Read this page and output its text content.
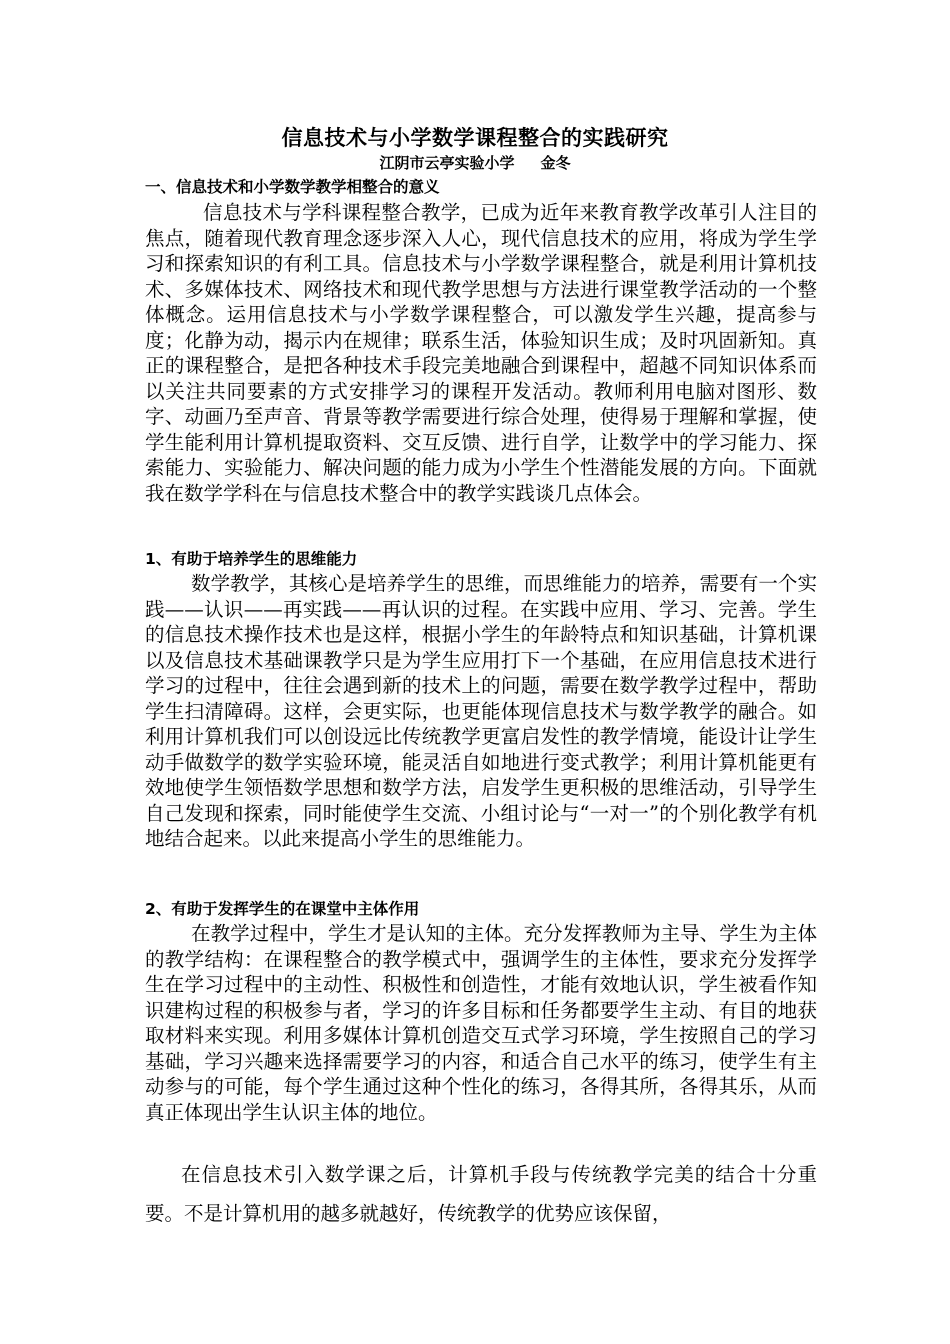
信息技术与小学数学课程整合的实践研究
江阴市云亭实验小学 金冬
一、信息技术和小学数学教学相整合的意义
信息技术与学科课程整合教学，已成为近年来教育教学改革引人注目的焦点，随着现代教育理念逐步深入人心，现代信息技术的应用，将成为学生学习和探索知识的有利工具。信息技术与小学数学课程整合，就是利用计算机技术、多媒体技术、网络技术和现代教学思想与方法进行课堂教学活动的一个整体概念。运用信息技术与小学数学课程整合，可以激发学生兴趣，提高参与度；化静为动，揭示内在规律；联系生活，体验知识生成；及时巩固新知。真正的课程整合，是把各种技术手段完美地融合到课程中，超越不同知识体系而以关注共同要素的方式安排学习的课程开发活动。教师利用电脑对图形、数字、动画乃至声音、背景等教学需要进行综合处理，使得易于理解和掌握，使学生能利用计算机提取资料、交互反馈、进行自学，让数学中的学习能力、探索能力、实验能力、解决问题的能力成为小学生个性潜能发展的方向。下面就我在数学学科在与信息技术整合中的教学实践谈几点体会。
1、有助于培养学生的思维能力
数学教学，其核心是培养学生的思维，而思维能力的培养，需要有一个实践——认识——再实践——再认识的过程。在实践中应用、学习、完善。学生的信息技术操作技术也是这样，根据小学生的年龄特点和知识基础，计算机课以及信息技术基础课教学只是为学生应用打下一个基础，在应用信息技术进行学习的过程中，往往会遇到新的技术上的问题，需要在数学教学过程中，帮助学生扫清障碍。这样，会更实际，也更能体现信息技术与数学教学的融合。如利用计算机我们可以创设远比传统教学更富启发性的教学情境，能设计让学生动手做数学的数学实验环境，能灵活自如地进行变式教学；利用计算机能更有效地使学生领悟数学思想和数学方法，启发学生更积极的思维活动，引导学生自己发现和探索，同时能使学生交流、小组讨论与“一对一”的个别化教学有机地结合起来。以此来提高小学生的思维能力。
2、有助于发挥学生的在课堂中主体作用
在教学过程中，学生才是认知的主体。充分发挥教师为主导、学生为主体的教学结构：在课程整合的教学模式中，强调学生的主体性，要求充分发挥学生在学习过程中的主动性、积极性和创造性，才能有效地认识，学生被看作知识建构过程的积极参与者，学习的许多目标和任务都要学生主动、有目的地获取材料来实现。利用多媒体计算机创造交互式学习环境，学生按照自己的学习基础，学习兴趣来选择需要学习的内容，和适合自己水平的练习，使学生有主动参与的可能，每个学生通过这种个性化的练习，各得其所，各得其乐，从而真正体现出学生认识主体的地位。
在信息技术引入数学课之后，计算机手段与传统教学完美的结合十分重要。不是计算机用的越多就越好，传统教学的优势应该保留，
